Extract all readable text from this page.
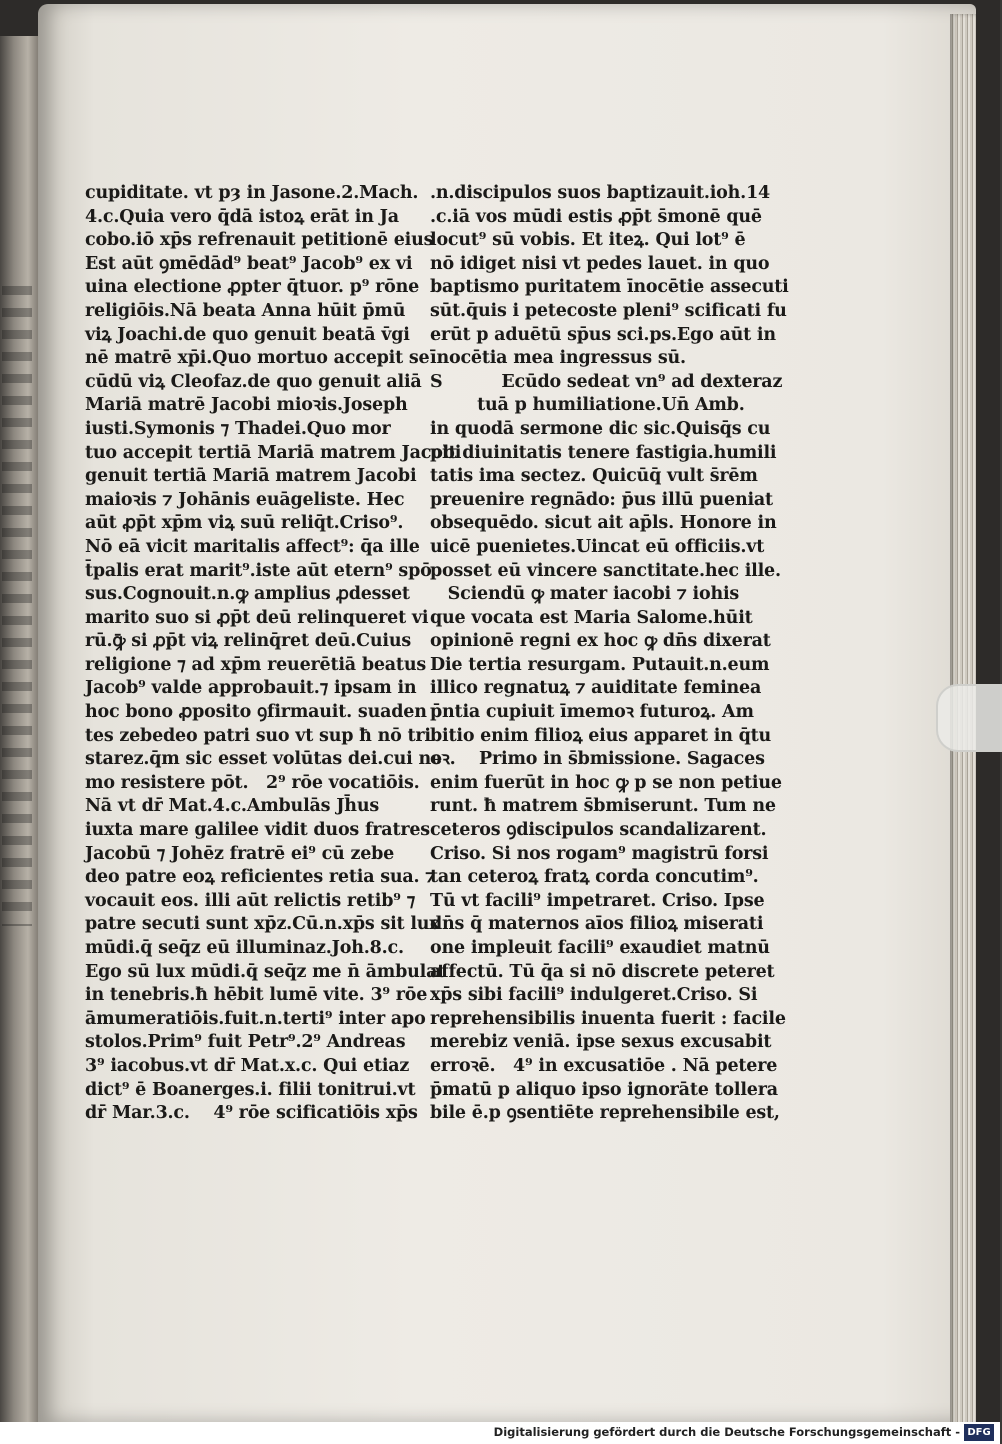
cupiditate. vt pȝ in Jasone.2.Mach.
4.c.Quia vero q̄dā istoꝝ erāt in Ja
cobo.iō xp̄s refrenauit petitionē eius
Est aūt ꝯmēdād⁹ beat⁹ Jacob⁹ ex vi
uina electione ꝓpter q̄tuor. p⁹ rōne
religiōis.Nā beata Anna hūit p̄mū
viꝝ Joachi.de quo genuit beatā v̄gi
nē matrē xp̄i.Quo mortuo accepit se
cūdū viꝝ Cleofaz.de quo genuit aliā
Mariā matrē Jacobi mioꝛis.Joseph
iusti.Symonis ⁊ Thadei.Quo mor
tuo accepit tertiā Mariā matrem Jacobi
genuit tertiā Mariā matrem Jacobi
maioꝛis ⁊ Johānis euāgeliste. Hec
aūt ꝓp̄t xp̄m viꝝ suū reliq̄t.Criso⁹.
Nō eā vicit maritalis affect⁹: q̄a ille
t̄palis erat marit⁹.iste aūt etern⁹ spō
sus.Cognouit.n.ꝙ amplius ꝓdesset
marito suo si ꝓp̄t deū relinqueret vi
rū.ꝙ̄ si ꝓp̄t viꝝ relinq̄ret deū.Cuius
religione ⁊ ad xp̄m reuerētiā beatus
Jacob⁹ valde approbauit.⁊ ipsam in
hoc bono ꝓposito ꝯfirmauit. suaden
tes zebedeo patri suo vt sup ħ nō tri
starez.q̄m sic esset volūtas dei.cui ne
mo resistere pōt.   2⁹ rōe vocatiōis.
Nā vt dr̄ Mat.4.c.Ambulās Jh̄us
iuxta mare galilee vidit duos fratres
Jacobū ⁊ Johēz fratrē ei⁹ cū zebe
deo patre eoꝝ reficientes retia sua. ⁊
vocauit eos. illi aūt relictis retib⁹ ⁊
patre secuti sunt xp̄z.Cū.n.xp̄s sit lux
mūdi.q̄ seq̄z eū illuminaz.Joh.8.c.
Ego sū lux mūdi.q̄ seq̄z me n̄ āmbulat
in tenebris.ħ hēbit lumē vite. 3⁹ rōe
āmumeratiōis.fuit.n.terti⁹ inter apo
stolos.Prim⁹ fuit Petr⁹.2⁹ Andreas
3⁹ iacobus.vt dr̄ Mat.x.c. Qui etiaz
dict⁹ ē Boanerges.i. filii tonitrui.vt
dr̄ Mar.3.c.    4⁹ rōe scificatiōis xp̄s
.n.discipulos suos baptizauit.ioh.14
.c.iā vos mūdi estis ꝓp̄t s̄monē quē
locut⁹ sū vobis. Et iteꝝ. Qui lot⁹ ē
nō idiget nisi vt pedes lauet. in quo
baptismo puritatem īnocētie assecuti
sūt.q̄uis i petecoste pleni⁹ scificati fu
erūt p aduētū sp̄us sci.ps.Ego aūt in
īnocētia mea ingressus sū.
S          Ecūdo sedeat vn⁹ ad dexteraz
tuā p humiliatione.Un̄ Amb.
in quodā sermone dic sic.Quisq̄s cu
pit diuinitatis tenere fastigia.humili
tatis ima sectez. Quicūq̄ vult s̄rēm
preuenire regnādo: p̄us illū pueniat
obsequēdo. sicut ait ap̄ls. Honore in
uicē puenietes.Uincat eū officiis.vt
posset eū vincere sanctitate.hec ille.
Sciendū ꝙ mater iacobi ⁊ iohis
que vocata est Maria Salome.hūit
opinionē regni ex hoc ꝙ dn̄s dixerat
Die tertia resurgam. Putauit.n.eum
illico regnatuꝝ ⁊ auiditate feminea
p̄ntia cupiuit īmemoꝛ futuroꝝ. Am
bitio enim filioꝝ eius apparet in q̄tu
oꝛ.    Primo in s̄bmissione. Sagaces
enim fuerūt in hoc ꝙ p se non petiue
runt. ħ matrem s̄bmiserunt. Tum ne
ceteros ꝯdiscipulos scandalizarent.
Criso. Si nos rogam⁹ magistrū forsi
tan ceteroꝝ fratꝝ corda concutim⁹.
Tū vt facili⁹ impetraret. Criso. Ipse
dn̄s q̄ maternos aīos filioꝝ miserati
one impleuit facili⁹ exaudiet matnū
affectū. Tū q̄a si nō discrete peteret
xp̄s sibi facili⁹ indulgeret.Criso. Si
reprehensibilis inuenta fuerit : facile
merebiz veniā. ipse sexus excusabit
erroꝛē.   4⁹ in excusatiōe . Nā petere
p̄matū p aliquo ipso ignorāte tollera
bile ē.p ꝯsentiēte reprehensibile est,
Digitalisierung gefördert durch die Deutsche Forschungsgemeinschaft - DFG
